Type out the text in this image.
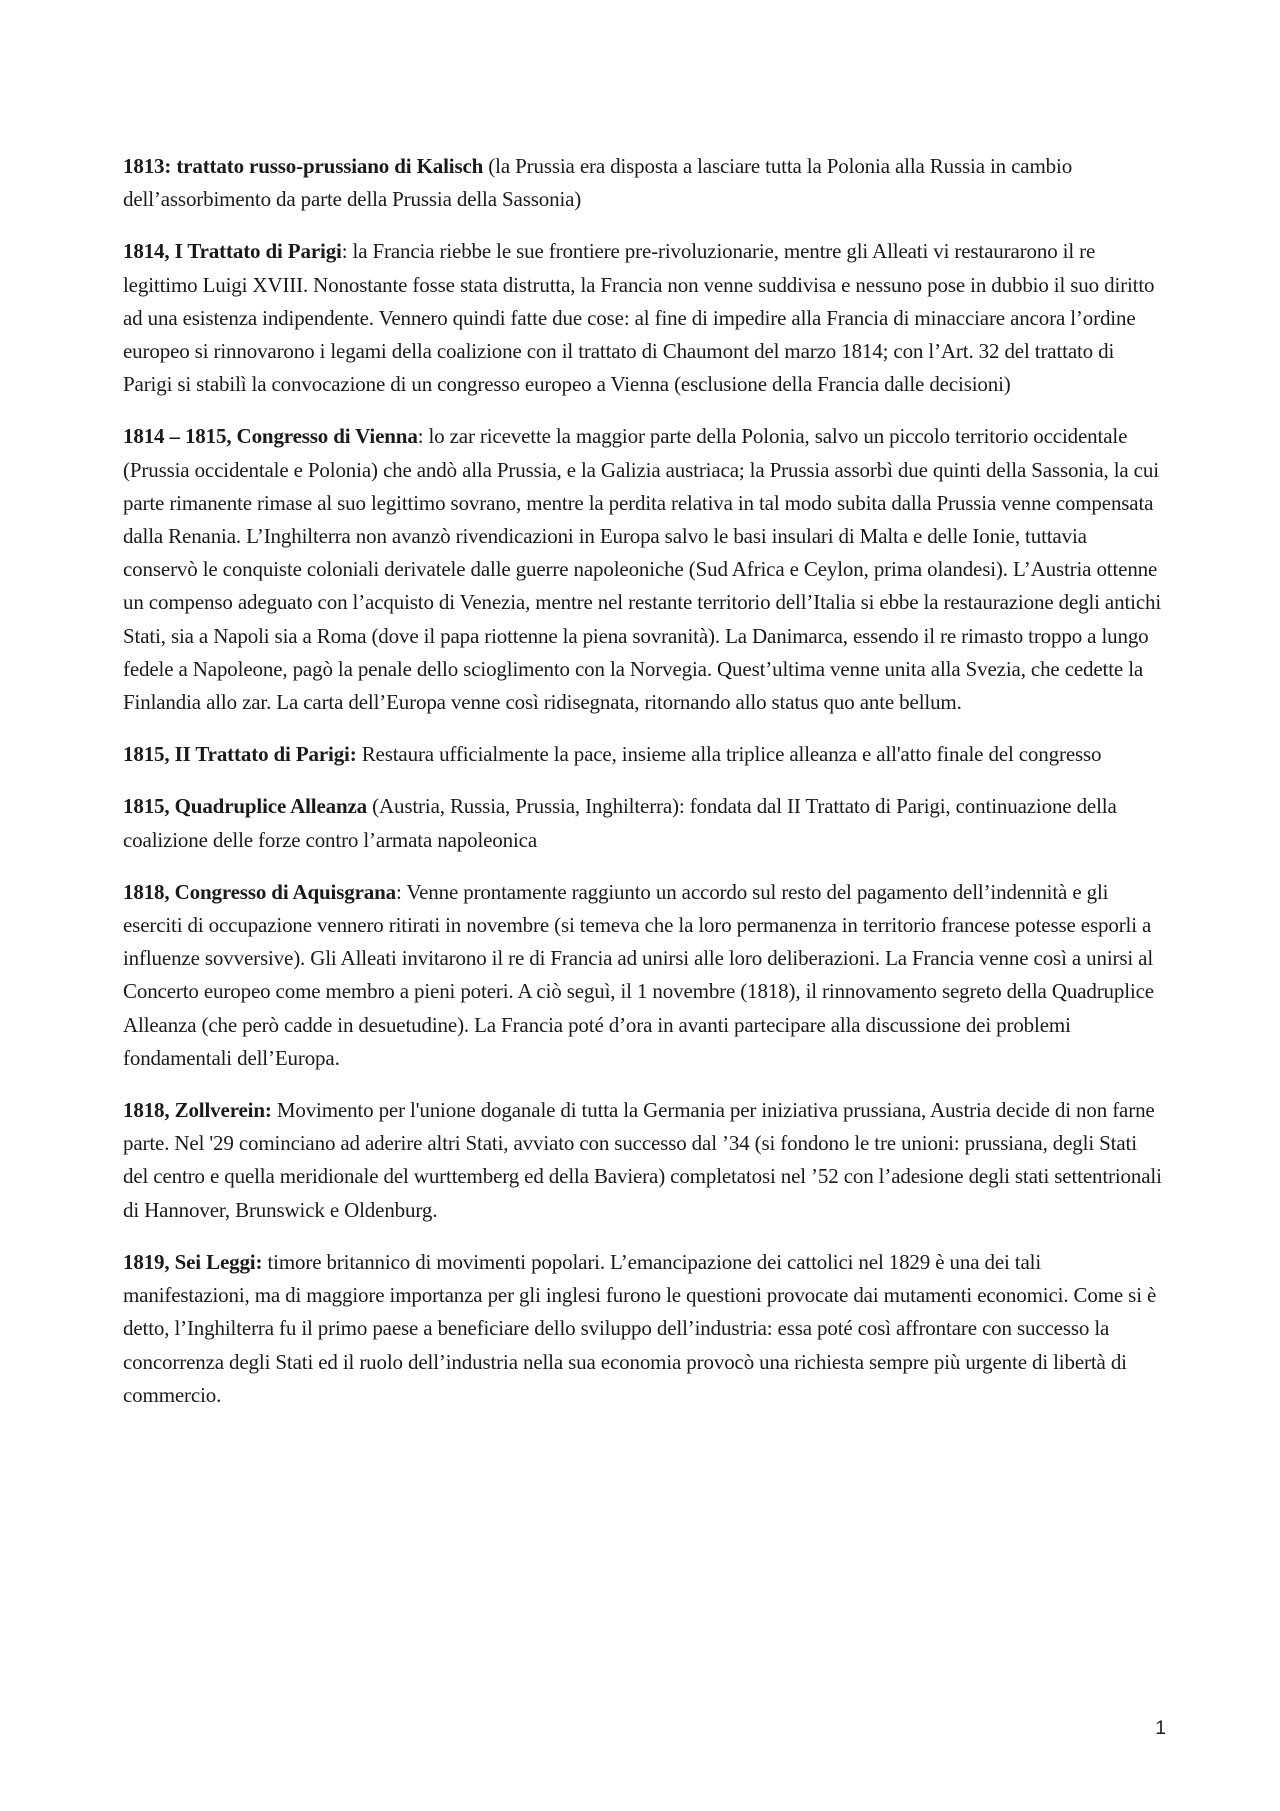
1813: trattato russo-prussiano di Kalisch (la Prussia era disposta a lasciare tutta la Polonia alla Russia in cambio dell’assorbimento da parte della Prussia della Sassonia)

1814, I Trattato di Parigi: la Francia riebbe le sue frontiere pre-rivoluzionarie, mentre gli Alleati vi restaurarono il re legittimo Luigi XVIII. Nonostante fosse stata distrutta, la Francia non venne suddivisa e nessuno pose in dubbio il suo diritto ad una esistenza indipendente. Vennero quindi fatte due cose: al fine di impedire alla Francia di minacciare ancora l’ordine europeo si rinnovarono i legami della coalizione con il trattato di Chaumont del marzo 1814; con l’Art. 32 del trattato di Parigi si stabilì la convocazione di un congresso europeo a Vienna (esclusione della Francia dalle decisioni)

1814 – 1815, Congresso di Vienna: lo zar ricevette la maggior parte della Polonia, salvo un piccolo territorio occidentale (Prussia occidentale e Polonia) che andò alla Prussia, e la Galizia austriaca; la Prussia assorbì due quinti della Sassonia, la cui parte rimanente rimase al suo legittimo sovrano, mentre la perdita relativa in tal modo subita dalla Prussia venne compensata dalla Renania. L’Inghilterra non avanzò rivendicazioni in Europa salvo le basi insulari di Malta e delle Ionie, tuttavia conservò le conquiste coloniali derivatele dalle guerre napoleoniche (Sud Africa e Ceylon, prima olandesi). L’Austria ottenne un compenso adeguato con l’acquisto di Venezia, mentre nel restante territorio dell’Italia si ebbe la restaurazione degli antichi Stati, sia a Napoli sia a Roma (dove il papa riottenne la piena sovranità). La Danimarca, essendo il re rimasto troppo a lungo fedele a Napoleone, pagò la penale dello scioglimento con la Norvegia. Quest’ultima venne unita alla Svezia, che cedette la Finlandia allo zar. La carta dell’Europa venne così ridisegnata, ritornando allo status quo ante bellum.

1815, II Trattato di Parigi: Restaura ufficialmente la pace, insieme alla triplice alleanza e all'atto finale del congresso

1815, Quadruplice Alleanza (Austria, Russia, Prussia, Inghilterra): fondata dal II Trattato di Parigi, continuazione della coalizione delle forze contro l’armata napoleonica

1818, Congresso di Aquisgrana: Venne prontamente raggiunto un accordo sul resto del pagamento dell’indennità e gli eserciti di occupazione vennero ritirati in novembre (si temeva che la loro permanenza in territorio francese potesse esporli a influenze sovversive). Gli Alleati invitarono il re di Francia ad unirsi alle loro deliberazioni. La Francia venne così a unirsi al Concerto europeo come membro a pieni poteri. A ciò seguì, il 1 novembre (1818), il rinnovamento segreto della Quadruplice Alleanza (che però cadde in desuetudine). La Francia poté d’ora in avanti partecipare alla discussione dei problemi fondamentali dell’Europa.

1818, Zollverein: Movimento per l'unione doganale di tutta la Germania per iniziativa prussiana, Austria decide di non farne parte. Nel '29 cominciano ad aderire altri Stati, avviato con successo dal ’34 (si fondono le tre unioni: prussiana, degli Stati del centro e quella meridionale del wurttemberg ed della Baviera) completatosi nel ’52 con l’adesione degli stati settentrionali di Hannover, Brunswick e Oldenburg.

1819, Sei Leggi: timore britannico di movimenti popolari. L’emancipazione dei cattolici nel 1829 è una dei tali manifestazioni, ma di maggiore importanza per gli inglesi furono le questioni provocate dai mutamenti economici. Come si è detto, l’Inghilterra fu il primo paese a beneficiare dello sviluppo dell’industria: essa poté così affrontare con successo la concorrenza degli Stati ed il ruolo dell’industria nella sua economia provocò una richiesta sempre più urgente di libertà di commercio.

1
